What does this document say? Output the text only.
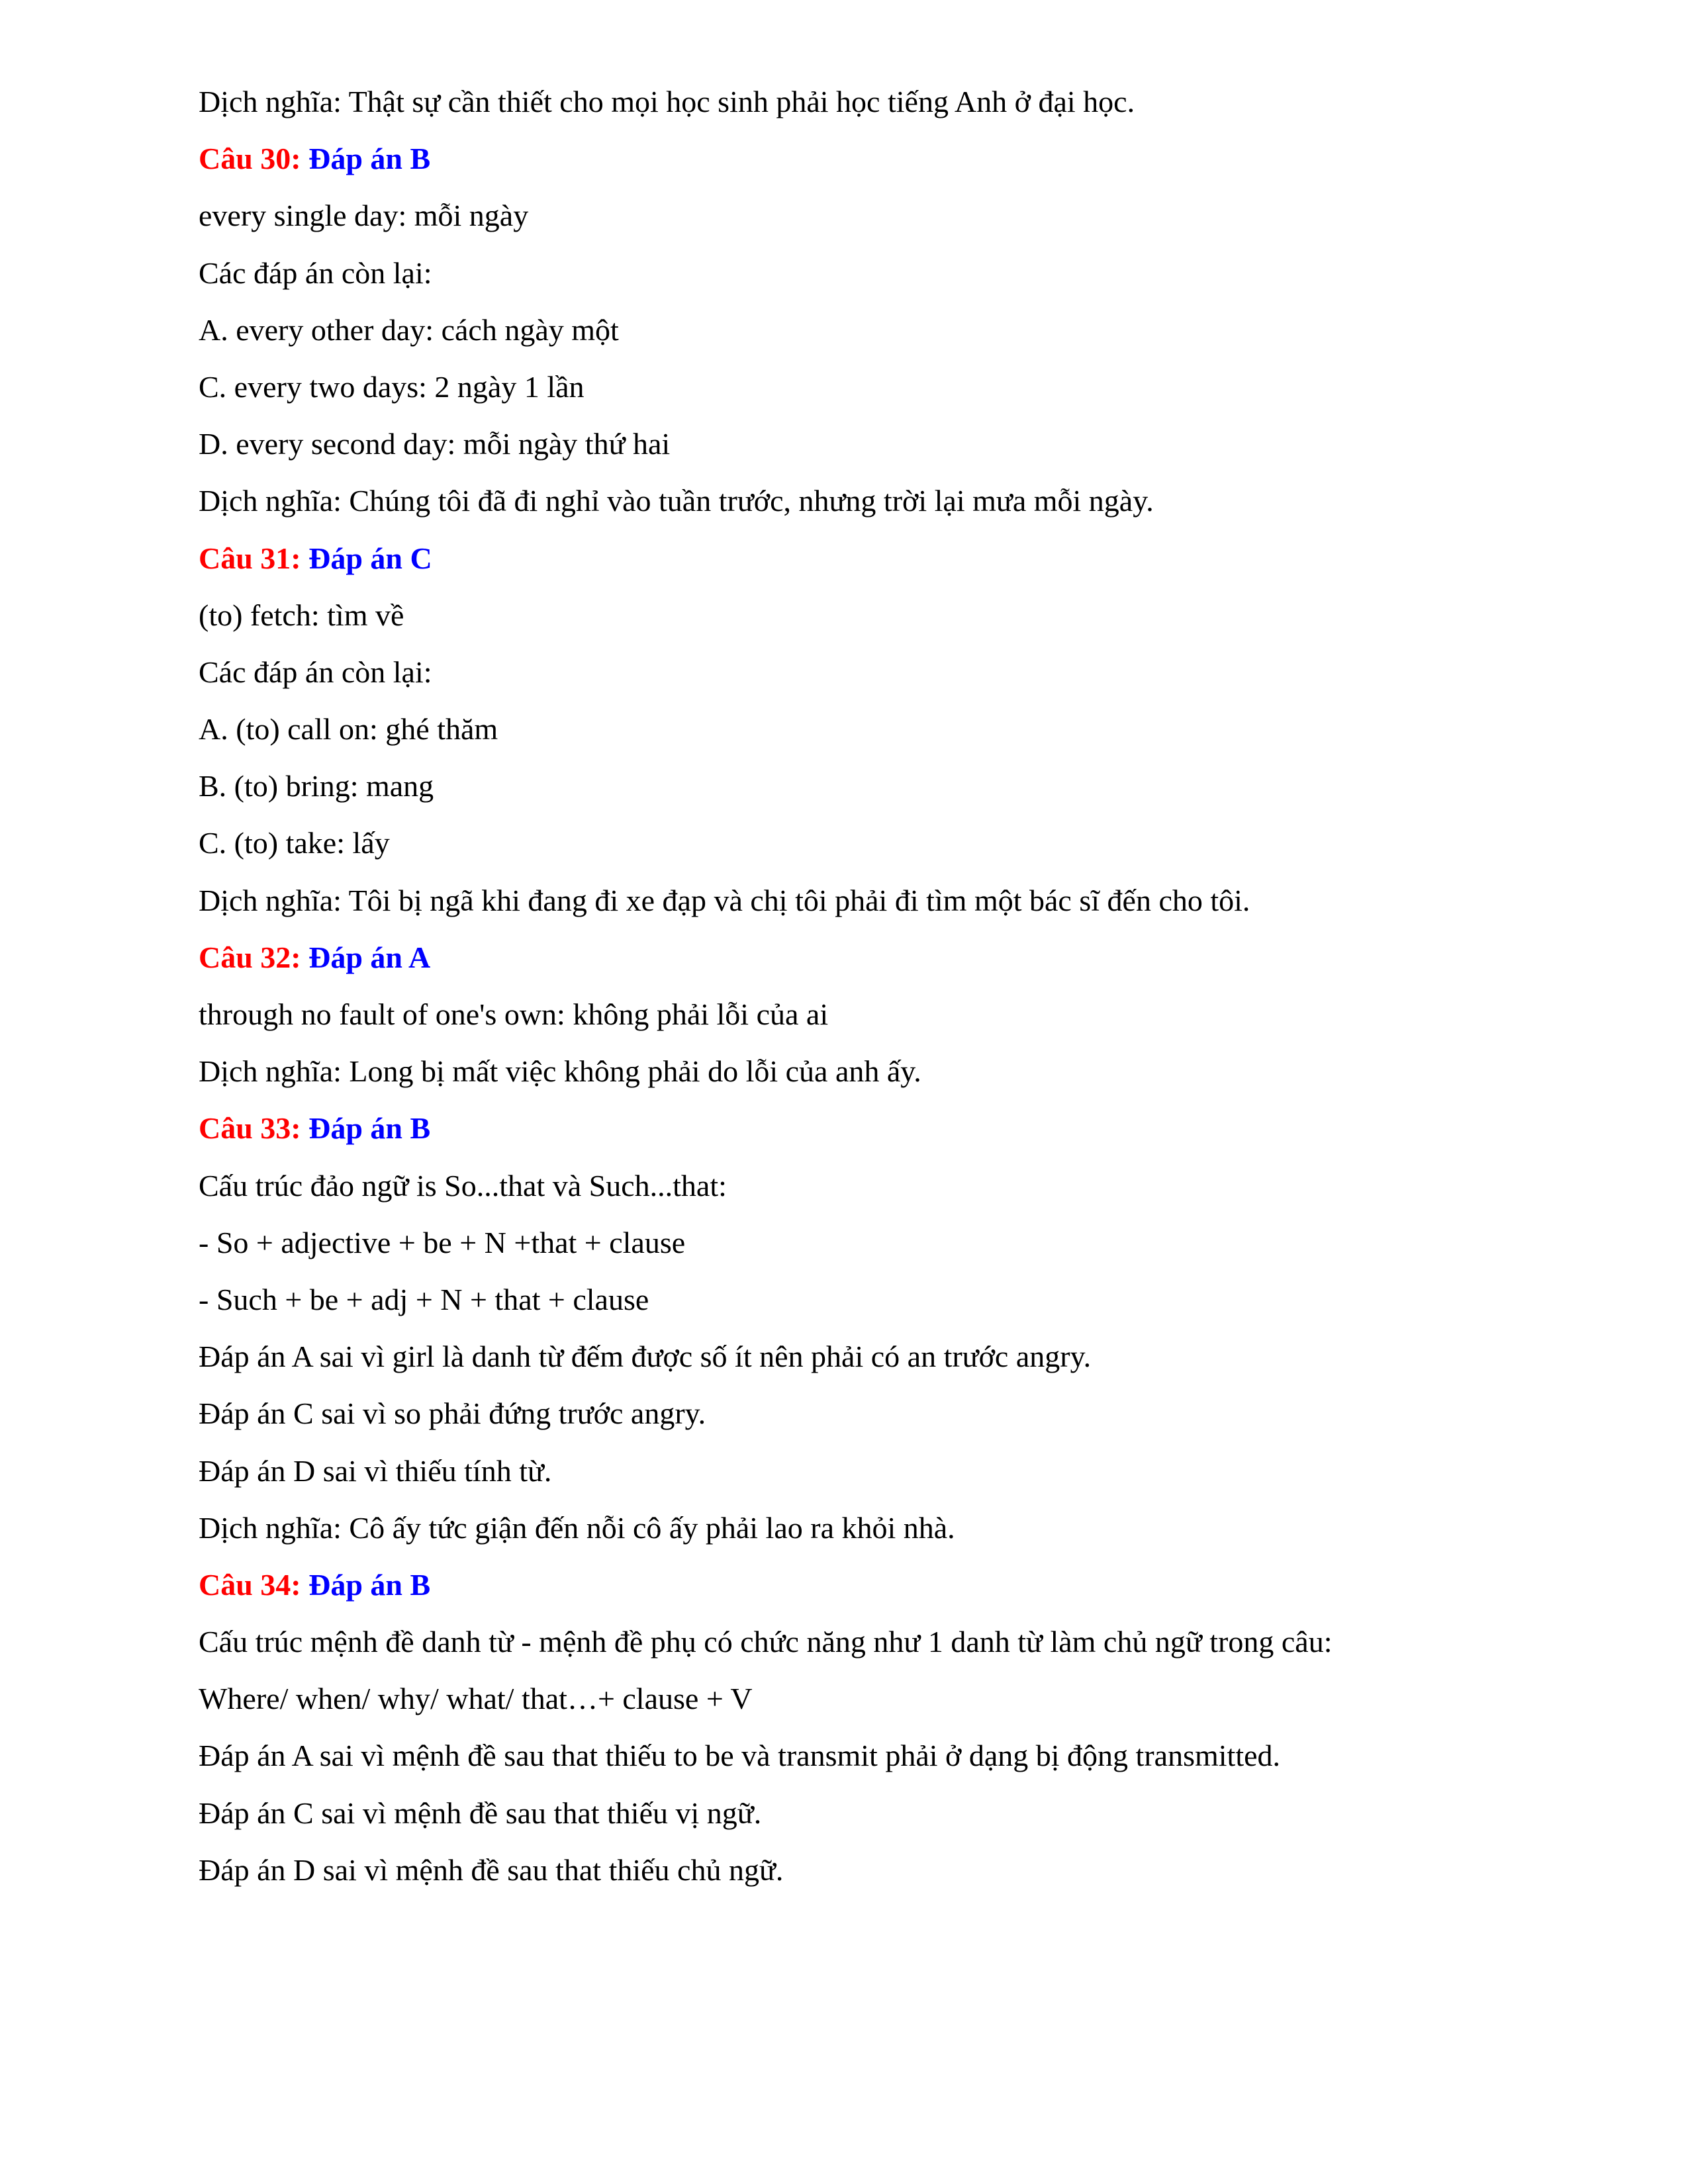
Dịch nghĩa: Thật sự cần thiết cho mọi học sinh phải học tiếng Anh ở đại học.
Câu 30: Đáp án B
every single day: mỗi ngày
Các đáp án còn lại:
A. every other day: cách ngày một
C. every two days: 2 ngày 1 lần
D. every second day: mỗi ngày thứ hai
Dịch nghĩa: Chúng tôi đã đi nghỉ vào tuần trước, nhưng trời lại mưa mỗi ngày.
Câu 31: Đáp án C
(to) fetch: tìm về
Các đáp án còn lại:
A. (to) call on: ghé thăm
B. (to) bring: mang
C. (to) take: lấy
Dịch nghĩa: Tôi bị ngã khi đang đi xe đạp và chị tôi phải đi tìm một bác sĩ đến cho tôi.
Câu 32: Đáp án A
through no fault of one's own: không phải lỗi của ai
Dịch nghĩa: Long bị mất việc không phải do lỗi của anh ấy.
Câu 33: Đáp án B
Cấu trúc đảo ngữ is So...that và Such...that:
- So + adjective + be + N +that + clause
- Such + be + adj + N + that + clause
Đáp án A sai vì girl là danh từ đếm được số ít nên phải có an trước angry.
Đáp án C sai vì so phải đứng trước angry.
Đáp án D sai vì thiếu tính từ.
Dịch nghĩa: Cô ấy tức giận đến nỗi cô ấy phải lao ra khỏi nhà.
Câu 34: Đáp án B
Cấu trúc mệnh đề danh từ - mệnh đề phụ có chức năng như 1 danh từ làm chủ ngữ trong câu:
Where/ when/ why/ what/ that…+ clause + V
Đáp án A sai vì mệnh đề sau that thiếu to be và transmit phải ở dạng bị động transmitted.
Đáp án C sai vì mệnh đề sau that thiếu vị ngữ.
Đáp án D sai vì mệnh đề sau that thiếu chủ ngữ.
